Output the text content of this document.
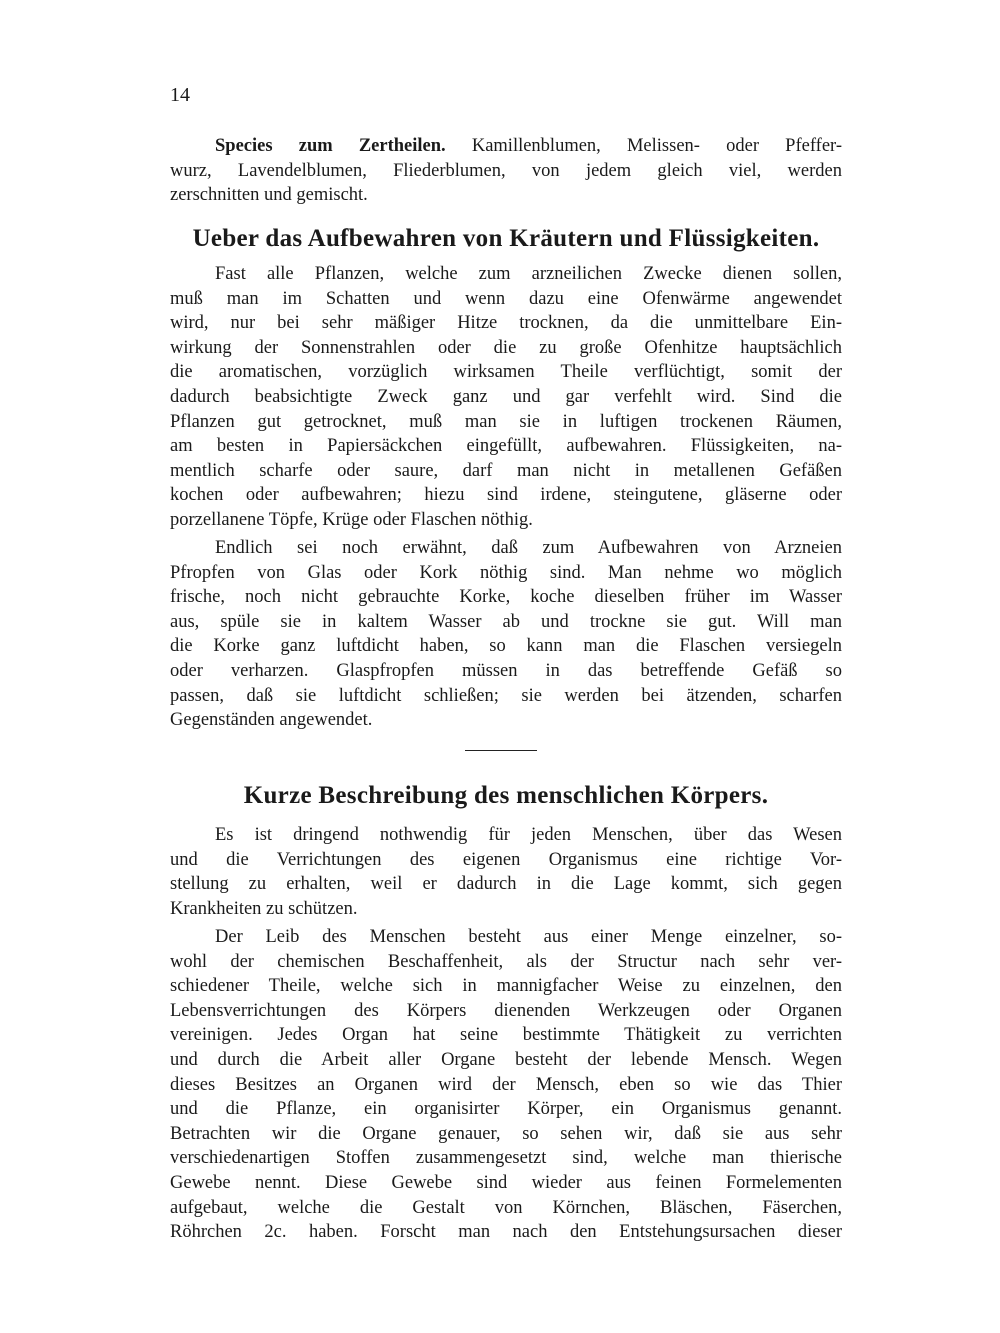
14
Species zum Zertheilen. Kamillenblumen, Melissen- oder Pfeffer-
wurz, Lavendelblumen, Fliederblumen, von jedem gleich viel, werden
zerschnitten und gemischt.
Ueber das Aufbewahren von Kräutern und Flüssigkeiten.
Fast alle Pflanzen, welche zum arzneilichen Zwecke dienen sollen,
muß man im Schatten und wenn dazu eine Ofenwärme angewendet
wird, nur bei sehr mäßiger Hitze trocknen, da die unmittelbare Ein-
wirkung der Sonnenstrahlen oder die zu große Ofenhitze hauptsächlich
die aromatischen, vorzüglich wirksamen Theile verflüchtigt, somit der
dadurch beabsichtigte Zweck ganz und gar verfehlt wird. Sind die
Pflanzen gut getrocknet, muß man sie in luftigen trockenen Räumen,
am besten in Papiersäckchen eingefüllt, aufbewahren. Flüssigkeiten, na-
mentlich scharfe oder saure, darf man nicht in metallenen Gefäßen
kochen oder aufbewahren; hiezu sind irdene, steingutene, gläserne oder
porzellanene Töpfe, Krüge oder Flaschen nöthig.
Endlich sei noch erwähnt, daß zum Aufbewahren von Arzneien
Pfropfen von Glas oder Kork nöthig sind. Man nehme wo möglich
frische, noch nicht gebrauchte Korke, koche dieselben früher im Wasser
aus, spüle sie in kaltem Wasser ab und trockne sie gut. Will man
die Korke ganz luftdicht haben, so kann man die Flaschen versiegeln
oder verharzen. Glaspfropfen müssen in das betreffende Gefäß so
passen, daß sie luftdicht schließen; sie werden bei ätzenden, scharfen
Gegenständen angewendet.
Kurze Beschreibung des menschlichen Körpers.
Es ist dringend nothwendig für jeden Menschen, über das Wesen
und die Verrichtungen des eigenen Organismus eine richtige Vor-
stellung zu erhalten, weil er dadurch in die Lage kommt, sich gegen
Krankheiten zu schützen.
Der Leib des Menschen besteht aus einer Menge einzelner, so-
wohl der chemischen Beschaffenheit, als der Structur nach sehr ver-
schiedener Theile, welche sich in mannigfacher Weise zu einzelnen, den
Lebensverrichtungen des Körpers dienenden Werkzeugen oder Organen
vereinigen. Jedes Organ hat seine bestimmte Thätigkeit zu verrichten
und durch die Arbeit aller Organe besteht der lebende Mensch. Wegen
dieses Besitzes an Organen wird der Mensch, eben so wie das Thier
und die Pflanze, ein organisirter Körper, ein Organismus genannt.
Betrachten wir die Organe genauer, so sehen wir, daß sie aus sehr
verschiedenartigen Stoffen zusammengesetzt sind, welche man thierische
Gewebe nennt. Diese Gewebe sind wieder aus feinen Formelementen
aufgebaut, welche die Gestalt von Körnchen, Bläschen, Fäserchen,
Röhrchen 2c. haben. Forscht man nach den Entstehungsursachen dieser
